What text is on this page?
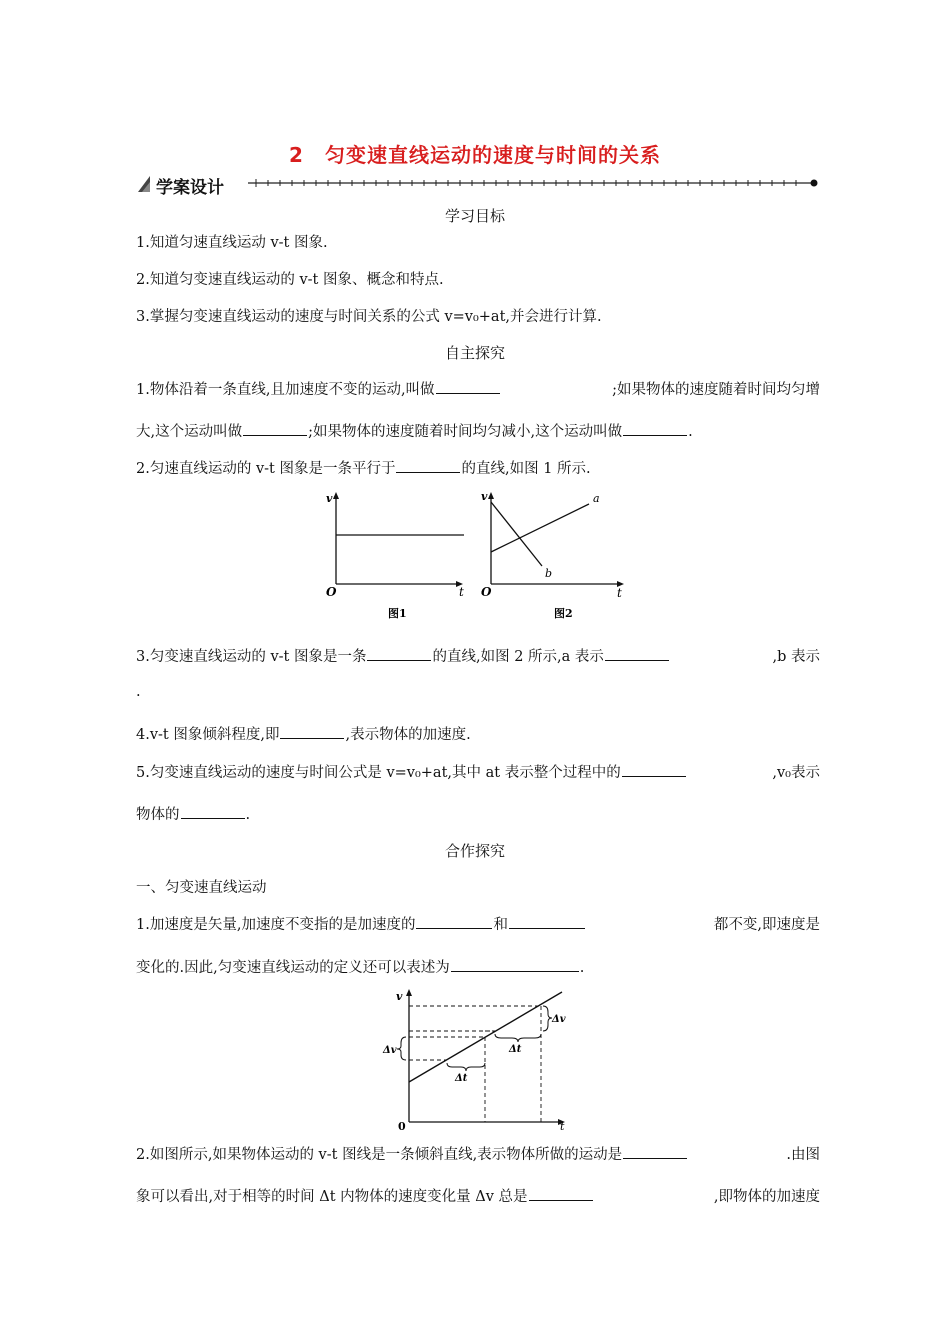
2　匀变速直线运动的速度与时间的关系
学案设计
学习目标
1.知道匀速直线运动 v-t 图象.
2.知道匀变速直线运动的 v-t 图象、概念和特点.
3.掌握匀变速直线运动的速度与时间关系的公式 v=v₀+at,并会进行计算.
自主探究
1.物体沿着一条直线,且加速度不变的运动,叫做	;如果物体的速度随着时间均匀增
大,这个运动叫做	;如果物体的速度随着时间均匀减小,这个运动叫做	.
2.匀速直线运动的 v-t 图象是一条平行于	的直线,如图 1 所示.
v
O	t
图1
v
O	t
a
b
图2
3.匀变速直线运动的 v-t 图象是一条	的直线,如图 2 所示,a 表示	,b 表示
.
4.v-t 图象倾斜程度,即	,表示物体的加速度.
5.匀变速直线运动的速度与时间公式是 v=v₀+at,其中 at 表示整个过程中的	,v₀表示
物体的	.
合作探究
一、匀变速直线运动
1.加速度是矢量,加速度不变指的是加速度的	和	都不变,即速度是
变化的.因此,匀变速直线运动的定义还可以表述为	.
v
0	t
Δv
Δv
Δt
Δt
2.如图所示,如果物体运动的 v-t 图线是一条倾斜直线,表示物体所做的运动是	.由图
象可以看出,对于相等的时间 Δt 内物体的速度变化量 Δv 总是	,即物体的加速度
